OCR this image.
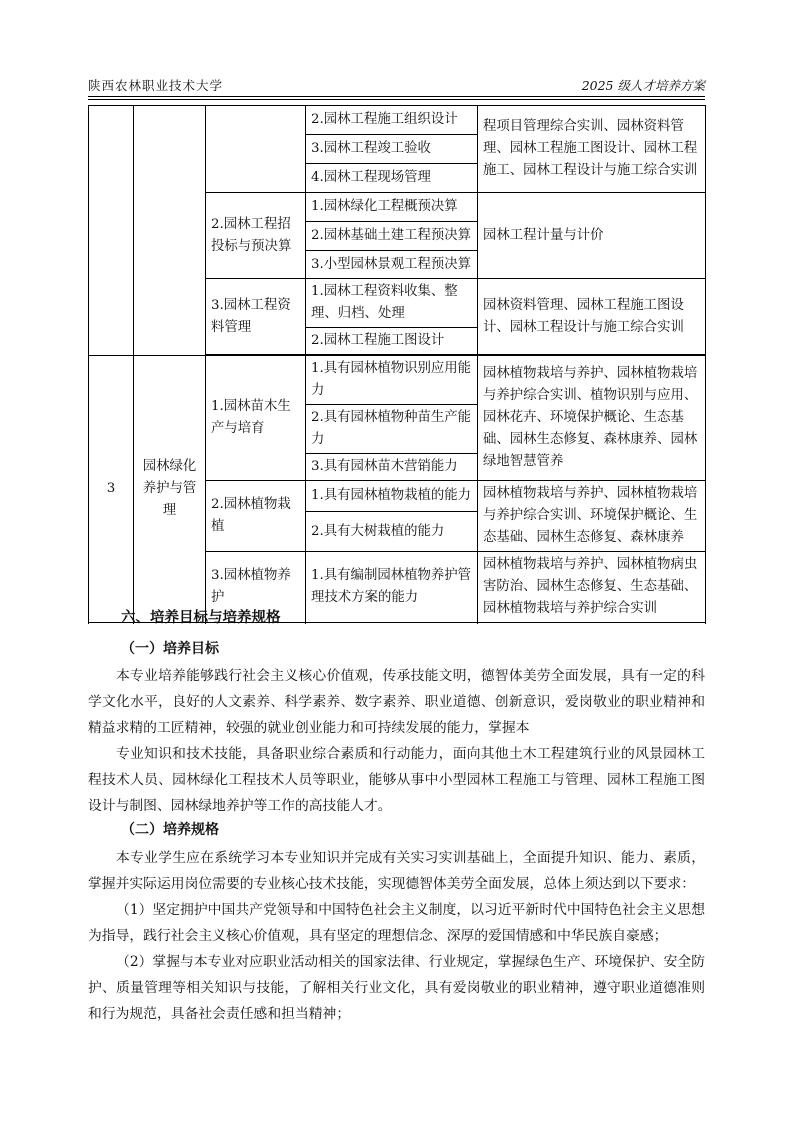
陕西农林职业技术大学	2025 级人才培养方案
			2.园林工程施工组织设计	程项目管理综合实训、园林资料管理、园林工程施工图设计、园林工程施工、园林工程设计与施工综合实训
			3.园林工程竣工验收	
			4.园林工程现场管理	
		2.园林工程招投标与预决算	1.园林绿化工程概预决算	园林工程计量与计价
			2.园林基础土建工程预决算	
			3.小型园林景观工程预决算	
		3.园林工程资料管理	1.园林工程资料收集、整理、归档、处理	园林资料管理、园林工程施工图设计、园林工程设计与施工综合实训
			2.园林工程施工图设计	

3	园林绿化养护与管理	1.园林苗木生产与培育	1.具有园林植物识别应用能力	园林植物栽培与养护、园林植物栽培与养护综合实训、植物识别与应用、园林花卉、环境保护概论、生态基础、园林生态修复、森林康养、园林绿地智慧管养
			2.具有园林植物种苗生产能力	
			3.具有园林苗木营销能力	
		2.园林植物栽植	1.具有园林植物栽植的能力	园林植物栽培与养护、园林植物栽培与养护综合实训、环境保护概论、生态基础、园林生态修复、森林康养
			2.具有大树栽植的能力	
		3.园林植物养护	1.具有编制园林植物养护管理技术方案的能力	园林植物栽培与养护、园林植物病虫害防治、园林生态修复、生态基础、园林植物栽培与养护综合实训

六、培养目标与培养规格
（一）培养目标

本专业培养能够践行社会主义核心价值观，传承技能文明，德智体美劳全面发展，具有一定的科学文化水平，良好的人文素养、科学素养、数字素养、职业道德、创新意识，爱岗敬业的职业精神和精益求精的工匠精神，较强的就业创业能力和可持续发展的能力，掌握本

专业知识和技术技能，具备职业综合素质和行动能力，面向其他土木工程建筑行业的风景园林工程技术人员、园林绿化工程技术人员等职业，能够从事中小型园林工程施工与管理、园林工程施工图设计与制图、园林绿地养护等工作的高技能人才。

（二）培养规格

本专业学生应在系统学习本专业知识并完成有关实习实训基础上，全面提升知识、能力、素质，掌握并实际运用岗位需要的专业核心技术技能，实现德智体美劳全面发展，总体上须达到以下要求：

（1）坚定拥护中国共产党领导和中国特色社会主义制度，以习近平新时代中国特色社会主义思想为指导，践行社会主义核心价值观，具有坚定的理想信念、深厚的爱国情感和中华民族自豪感；

（2）掌握与本专业对应职业活动相关的国家法律、行业规定，掌握绿色生产、环境保护、安全防护、质量管理等相关知识与技能，了解相关行业文化，具有爱岗敬业的职业精神，遵守职业道德准则和行为规范，具备社会责任感和担当精神；
